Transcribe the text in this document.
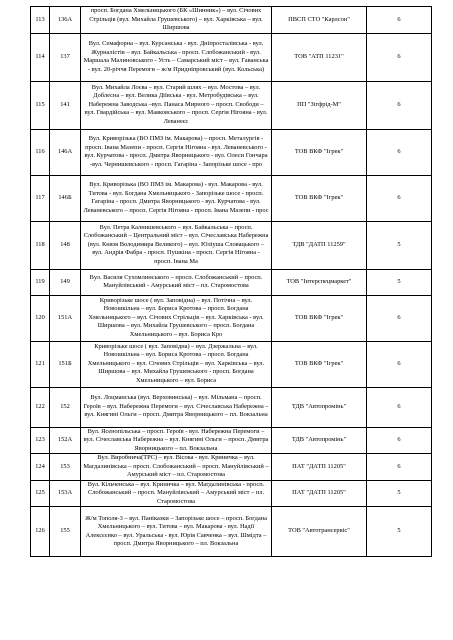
113	136А	просп. Богдана Хмельницького (БК «Шинник») – вул. Січових Стрільців (вул. Михайла Грушевського) – вул. Харківська – вул. Ширшова	ПВСП СТО "Карлсон"	6
114	137	Вул. Семафорна – вул. Курсанська - вул. Дніпросталівська - вул. Журналістів – вул. Байкальська - просп. Слобожанський - вул. Маршала Малиновського - Усть – Самарський міст – вул. Гаванська - вул. 20-річчя Перемоги – ж/м Придніпровський (вул. Кольська)	ТОВ "АТП 11231"	6
115	141	Вул. Михайла Лоєва – вул. Старий шлях – вул. Мостова – вул. Доблесна – вул. Велика Діївська - вул. Метробудівська – вул. Набережна Заводська –вул. Панаса Мирного – просп. Свободи – вул. Гвардійська – вул. Маяковського – просп. Сергія Нігояна - вул. Леванеєс	ПП "Зігфрід-М"	6
116	146А	Вул. Криворізька (ВО ПМЗ ім. Макарова) – просп. Металургів - просп. Івана Мазепи - просп. Сергія Нігояна - вул. Леваневського - вул. Курчатова - просп. Дмитра Яворницького - вул. Олеси Гончара -вул. Чернишевського - просп. Гагаріна - Запорізьке шосе - про	ТОВ ВКФ "Ігрек"	6
117	146Б	Вул. Криворізька (ВО ПМЗ ім. Макарова) - вул. Макарова - вул. Титова - вул. Богдана Хмельницького - Запорізьке шосе - просп. Гагаріна - просп. Дмитра Яворницького - вул. Курчатова - вул. Леваневського – просп. Сергія Нігояна - просп. Івана Мазепи - прос	ТОВ ВКФ "Ігрек"	6
118	148	Вул. Петра Калнишевського – вул. Байкальська – просп. Слобожанський – Центральний міст – вул. Січеславська Набережна (вул. Князя Володимира Великого) – вул. Юліуша Словацького – вул. Андрія Фабра - просп. Пушкіна - просп. Сергія Нігояна - просп. Івана Ма	ТДВ "ДАТП 11259"	5
119	149	Вул. Василя Сухомлинського – просп. Слобожанський – просп. Мануйлівський - Амурський міст – пл. Старомостова	ТОВ "Інтерспецмаркет"	5
120	151А	Криворізьке шосе ( вул. Заповідна) – вул. Потічна – вул. Новошкільна – вул. Бориса Кротова – просп. Богдана Хмельницького – вул. Січових Стрільців – вул. Харківська - вул. Ширшова – вул. Михайла Грушевського – просп. Богдана Хмельницького – вул. Бориса Кро	ТОВ ВКФ "Ігрек"	6
121	151Б	Криворізьке шосе ( вул. Заповідна) – вул. Дзержальна – вул. Новошкільна – вул. Бориса Кротова – просп. Богдана Хмельницького – вул. Січових Стрільців – вул. Харківська – вул. Ширшова – вул. Михайла Грушевського - просп. Богдана Хмельницького – вул. Бориса	ТОВ ВКФ "Ігрек"	6
122	152	Вул. Лоцманська (вул. Верховинська) – вул. Мільмана – просп. Героїв – вул. Набережна Перемоги – вул. Січеславська Набережна – вул. Княгині Ольги – просп. Дмитра Яворницького – пл. Вокзальна	ТДВ "Автопромінь"	6
123	152А	Вул. Ясенопільська – просп. Героїв - вул. Набережна Перемоги – вул. Січеславська Набережна – вул. Княгині Ольги – просп. Дмитра Яворницького – пл. Вокзальна	ТДВ "Автопромінь"	6
124	153	Вул. Виробнича(ТРС) – вул. Вісока - вул. Криничка – вул. Магдалинівська – просп. Слобожанський – просп. Мануйлівський – Амурський міст – пл. Старомостова	ПАТ "ДАТП 11205"	6
125	153А	Вул. Кільченська – вул. Криничка – вул. Магдалинівська - просп. Слобожанський – просп. Мануйлівський – Амурський міст – пл. Старомостова	ПАТ "ДАТП 11205"	5
126	155	Ж/м Тополя-3 – вул. Паніказки – Запорізьке шосе – просп. Богдана Хмельницького – вул. Титова – вул. Макарова - вул. Надії Алексєєнко – вул. Уральська - вул. Юрія Савченка – вул. Шмідта – просп. Дмитра Яворницького – пл. Вокзальна	ТОВ "Автотрансервіс"	5
